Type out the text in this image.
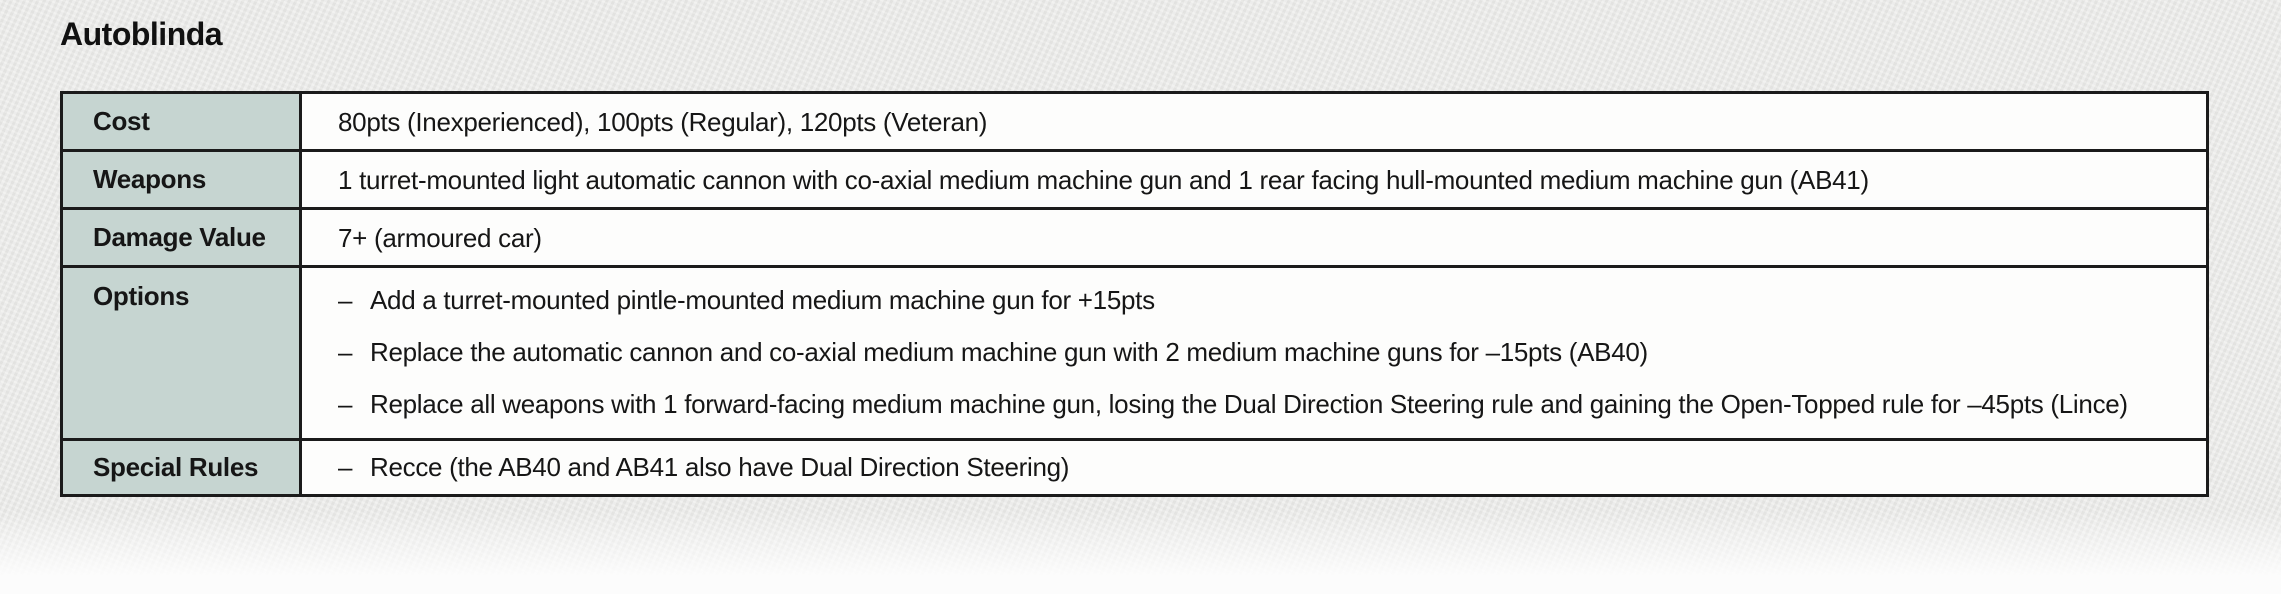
Autoblinda
Cost	80pts (Inexperienced), 100pts (Regular), 120pts (Veteran)
Weapons	1 turret-mounted light automatic cannon with co-axial medium machine gun and 1 rear facing hull-mounted medium machine gun (AB41)
Damage Value	7+ (armoured car)
Options	– Add a turret-mounted pintle-mounted medium machine gun for +15pts
– Replace the automatic cannon and co-axial medium machine gun with 2 medium machine guns for –15pts (AB40)
– Replace all weapons with 1 forward-facing medium machine gun, losing the Dual Direction Steering rule and gaining the Open-Topped rule for –45pts (Lince)
Special Rules	– Recce (the AB40 and AB41 also have Dual Direction Steering)
